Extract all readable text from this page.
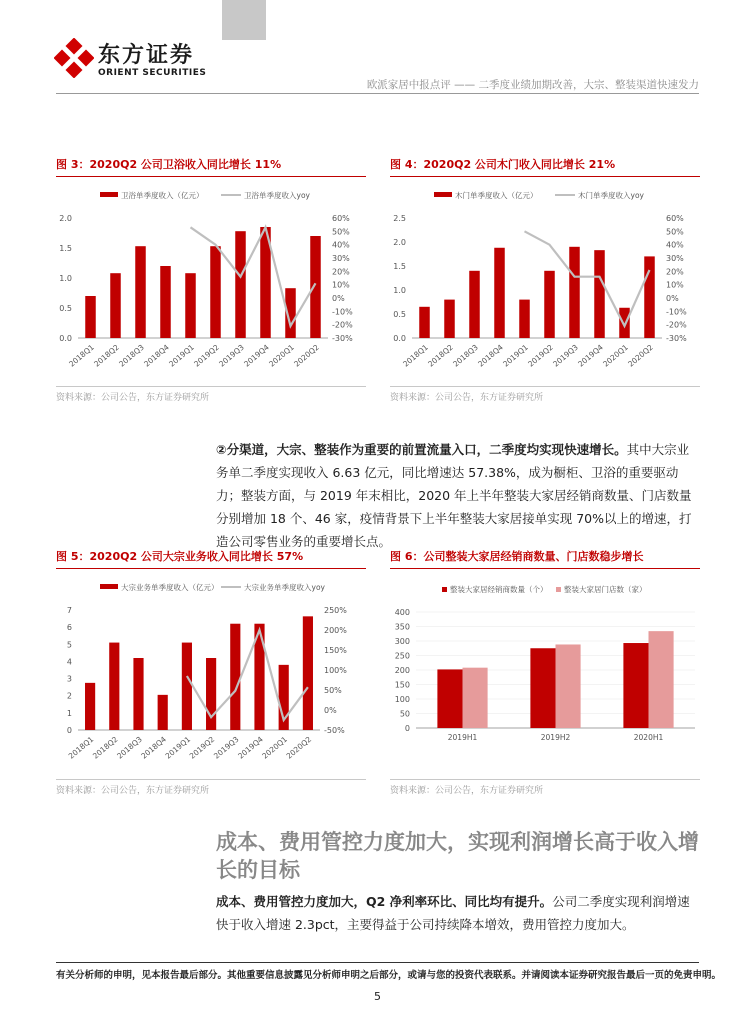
东方证券
ORIENT SECURITIES
欧派家居中报点评 —— 二季度业绩加期改善，大宗、整装渠道快速发力
图 3：2020Q2 公司卫浴收入同比增长 11%
卫浴单季度收入（亿元）	卫浴单季度收入yoy
2.0
1.5
1.0
0.5
0.0
60%
50%
40%
30%
20%
10%
0%
-10%
-20%
-30%
2018Q1
2018Q2
2018Q3
2018Q4
2019Q1
2019Q2
2019Q3
2019Q4
2020Q1
2020Q2
资料来源：公司公告，东方证券研究所
图 4：2020Q2 公司木门收入同比增长 21%
木门单季度收入（亿元）	木门单季度收入yoy
2.5
2.0
1.5
1.0
0.5
0.0
60%
50%
40%
30%
20%
10%
0%
-10%
-20%
-30%
2018Q1
2018Q2
2018Q3
2018Q4
2019Q1
2019Q2
2019Q3
2019Q4
2020Q1
2020Q2
资料来源：公司公告，东方证券研究所
②分渠道，大宗、整装作为重要的前置流量入口，二季度均实现快速增长。其中大宗业务单二季度实现收入 6.63 亿元，同比增速达 57.38%，成为橱柜、卫浴的重要驱动力；整装方面，与 2019 年末相比，2020 年上半年整装大家居经销商数量、门店数量分别增加 18 个、46 家，疫情背景下上半年整装大家居接单实现 70%以上的增速，打造公司零售业务的重要增长点。
图 5：2020Q2 公司大宗业务收入同比增长 57%
大宗业务单季度收入（亿元）	大宗业务单季度收入yoy
7
6
5
4
3
2
1
0
250%
200%
150%
100%
50%
0%
-50%
2018Q1
2018Q2
2018Q3
2018Q4
2019Q1
2019Q2
2019Q3
2019Q4
2020Q1
2020Q2
资料来源：公司公告，东方证券研究所
图 6：公司整装大家居经销商数量、门店数稳步增长
整装大家居经销商数量（个） 整装大家居门店数（家）
400
350
300
250
200
150
100
50
0
2019H1	2019H2	2020H1
资料来源：公司公告，东方证券研究所
成本、费用管控力度加大，实现利润增长高于收入增长的目标
成本、费用管控力度加大，Q2 净利率环比、同比均有提升。公司二季度实现利润增速快于收入增速 2.3pct，主要得益于公司持续降本增效，费用管控力度加大。
有关分析师的申明，见本报告最后部分。其他重要信息披露见分析师申明之后部分，或请与您的投资代表联系。并请阅读本证券研究报告最后一页的免责申明。
5
